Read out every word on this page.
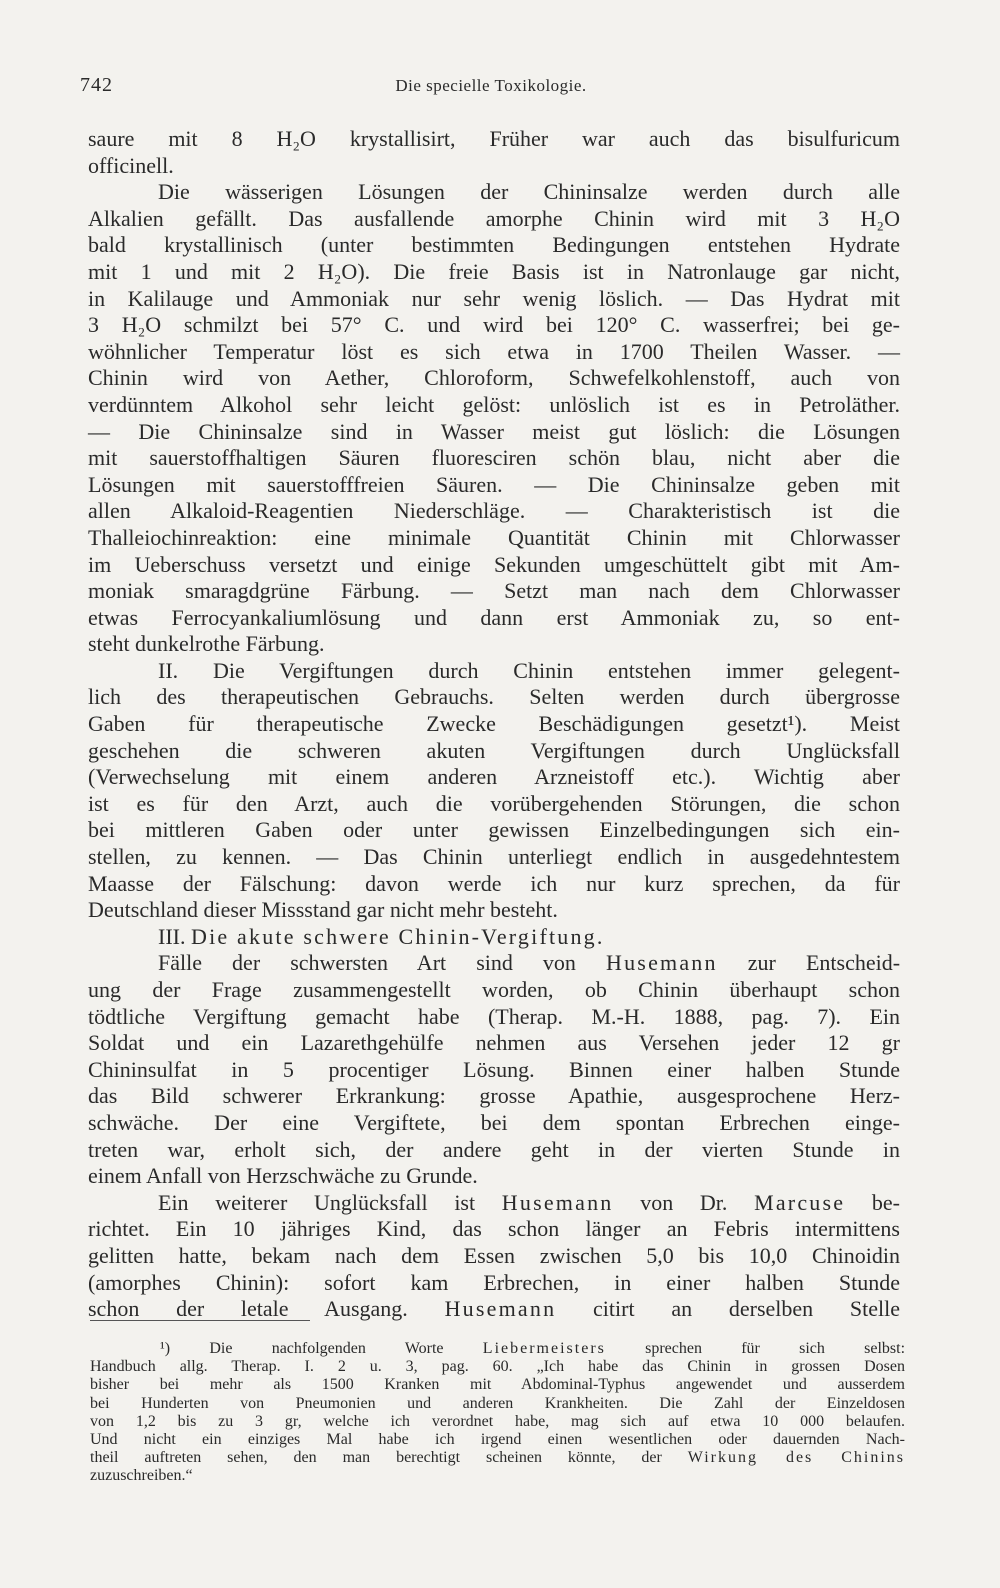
742	Die specielle Toxikologie.
saure mit 8 H₂O krystallisirt, Früher war auch das bisulfuricum
officinell.
Die wässerigen Lösungen der Chininsalze werden durch alle
Alkalien gefällt. Das ausfallende amorphe Chinin wird mit 3 H₂O
bald krystallinisch (unter bestimmten Bedingungen entstehen Hydrate
mit 1 und mit 2 H₂O). Die freie Basis ist in Natronlauge gar nicht,
in Kalilauge und Ammoniak nur sehr wenig löslich. — Das Hydrat mit
3 H₂O schmilzt bei 57° C. und wird bei 120° C. wasserfrei; bei ge-
wöhnlicher Temperatur löst es sich etwa in 1700 Theilen Wasser. —
Chinin wird von Aether, Chloroform, Schwefelkohlenstoff, auch von
verdünntem Alkohol sehr leicht gelöst: unlöslich ist es in Petroläther.
— Die Chininsalze sind in Wasser meist gut löslich: die Lösungen
mit sauerstoffhaltigen Säuren fluoresciren schön blau, nicht aber die
Lösungen mit sauerstofffreien Säuren. — Die Chininsalze geben mit
allen Alkaloid-Reagentien Niederschläge. — Charakteristisch ist die
Thalleiochinreaktion: eine minimale Quantität Chinin mit Chlorwasser
im Ueberschuss versetzt und einige Sekunden umgeschüttelt gibt mit Am-
moniak smaragdgrüne Färbung. — Setzt man nach dem Chlorwasser
etwas Ferrocyankaliumlösung und dann erst Ammoniak zu, so ent-
steht dunkelrothe Färbung.
II. Die Vergiftungen durch Chinin entstehen immer gelegent-
lich des therapeutischen Gebrauchs. Selten werden durch übergrosse
Gaben für therapeutische Zwecke Beschädigungen gesetzt¹). Meist
geschehen die schweren akuten Vergiftungen durch Unglücksfall
(Verwechselung mit einem anderen Arzneistoff etc.). Wichtig aber
ist es für den Arzt, auch die vorübergehenden Störungen, die schon
bei mittleren Gaben oder unter gewissen Einzelbedingungen sich ein-
stellen, zu kennen. — Das Chinin unterliegt endlich in ausgedehntestem
Maasse der Fälschung: davon werde ich nur kurz sprechen, da für
Deutschland dieser Missstand gar nicht mehr besteht.
III. Die akute schwere Chinin-Vergiftung.
Fälle der schwersten Art sind von Husemann zur Entscheid-
ung der Frage zusammengestellt worden, ob Chinin überhaupt schon
tödtliche Vergiftung gemacht habe (Therap. M.-H. 1888, pag. 7). Ein
Soldat und ein Lazarethgehülfe nehmen aus Versehen jeder 12 gr
Chininsulfat in 5 procentiger Lösung. Binnen einer halben Stunde
das Bild schwerer Erkrankung: grosse Apathie, ausgesprochene Herz-
schwäche. Der eine Vergiftete, bei dem spontan Erbrechen einge-
treten war, erholt sich, der andere geht in der vierten Stunde in
einem Anfall von Herzschwäche zu Grunde.
Ein weiterer Unglücksfall ist Husemann von Dr. Marcuse be-
richtet. Ein 10 jähriges Kind, das schon länger an Febris intermittens
gelitten hatte, bekam nach dem Essen zwischen 5,0 bis 10,0 Chinoidin
(amorphes Chinin): sofort kam Erbrechen, in einer halben Stunde
schon der letale Ausgang. Husemann citirt an derselben Stelle
¹) Die nachfolgenden Worte Liebermeisters sprechen für sich selbst:
Handbuch allg. Therap. I. 2 u. 3, pag. 60. „Ich habe das Chinin in grossen Dosen
bisher bei mehr als 1500 Kranken mit Abdominal-Typhus angewendet und ausserdem
bei Hunderten von Pneumonien und anderen Krankheiten. Die Zahl der Einzeldosen
von 1,2 bis zu 3 gr, welche ich verordnet habe, mag sich auf etwa 10 000 belaufen.
Und nicht ein einziges Mal habe ich irgend einen wesentlichen oder dauernden Nach-
theil auftreten sehen, den man berechtigt scheinen könnte, der Wirkung des Chinins
zuzuschreiben.“
